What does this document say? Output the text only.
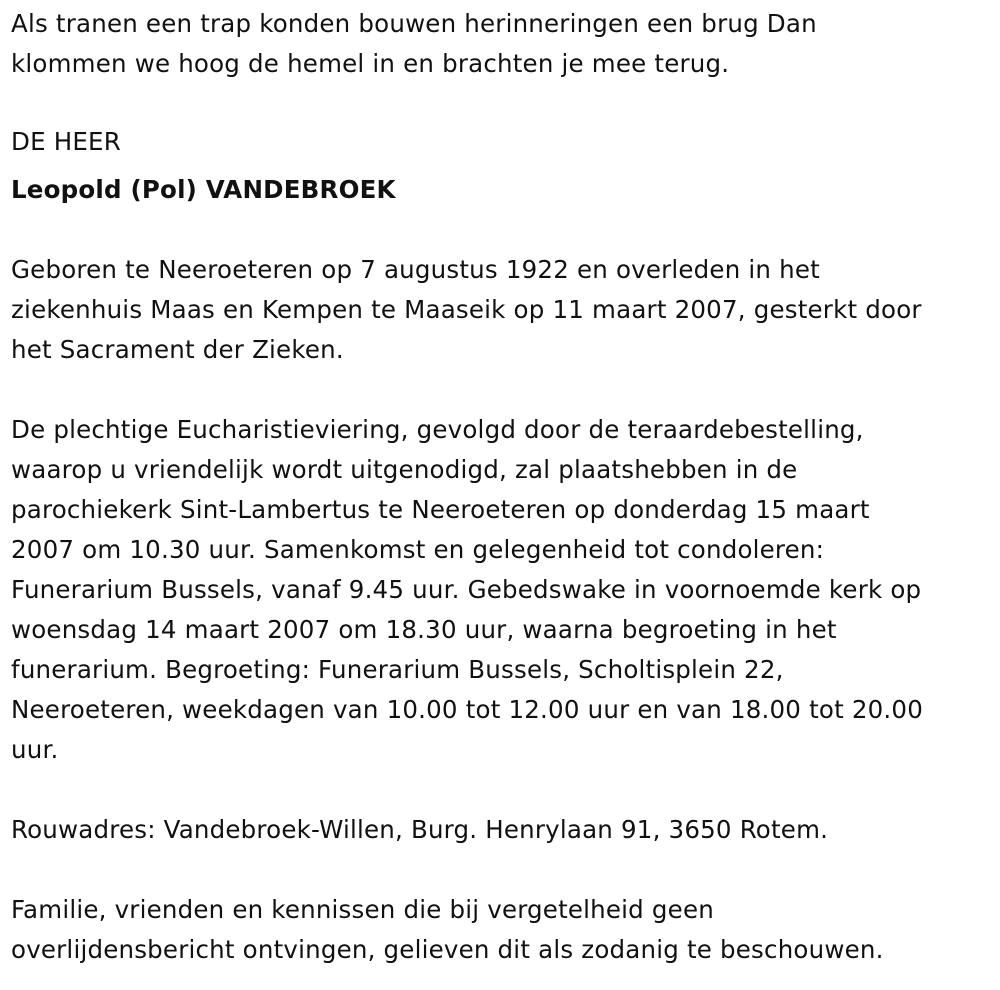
Als tranen een trap konden bouwen herinneringen een brug Dan

klommen we hoog de hemel in en brachten je mee terug.

DE HEER

Leopold (Pol) VANDEBROEK

Geboren te Neeroeteren op 7 augustus 1922 en overleden in het

ziekenhuis Maas en Kempen te Maaseik op 11 maart 2007, gesterkt door

het Sacrament der Zieken.

De plechtige Eucharistieviering, gevolgd door de teraardebestelling,

waarop u vriendelijk wordt uitgenodigd, zal plaatshebben in de

parochiekerk Sint-Lambertus te Neeroeteren op donderdag 15 maart

2007 om 10.30 uur. Samenkomst en gelegenheid tot condoleren:

Funerarium Bussels, vanaf 9.45 uur. Gebedswake in voornoemde kerk op

woensdag 14 maart 2007 om 18.30 uur, waarna begroeting in het

funerarium. Begroeting: Funerarium Bussels, Scholtisplein 22,

Neeroeteren, weekdagen van 10.00 tot 12.00 uur en van 18.00 tot 20.00

uur.

Rouwadres: Vandebroek-Willen, Burg. Henrylaan 91, 3650 Rotem.

Familie, vrienden en kennissen die bij vergetelheid geen

overlijdensbericht ontvingen, gelieven dit als zodanig te beschouwen.
